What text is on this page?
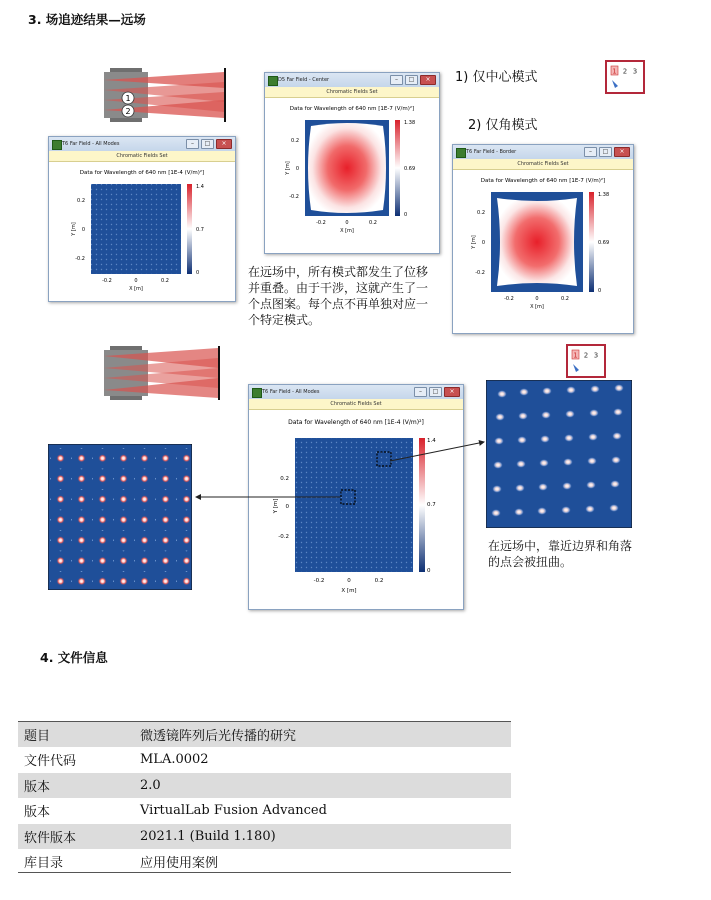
3. 场追迹结果—远场
1
2
T6 Far Field - All Modes	–	□	×
Chromatic Fields Set
Data for Wavelength of 640 nm [1E-4 (V/m)²]
1.4
0.7
0
-0.2	0	0.2
X [m]
0.2
0
-0.2
Y [m]
D5 Far Field - Center	–	□	×
Chromatic Fields Set
Data for Wavelength of 640 nm [1E-7 (V/m)²]
1.38
0.69
0
-0.2	0	0.2
X [m]
0.2
0
-0.2
Y [m]
1) 仅中心模式
2) 仅角模式
1 2 3
T6 Far Field - Border	–	□	×
Chromatic Fields Set
Data for Wavelength of 640 nm [1E-7 (V/m)²]
1.38
0.69
0
-0.2	0	0.2
X [m]
0.2
0
-0.2
Y [m]
在远场中，所有模式都发生了位移并重叠。由于干涉，这就产生了一个点图案。每个点不再单独对应一个特定模式。
1 2 3
T6 Far Field - All Modes	–	□	×
Chromatic Fields Set
Data for Wavelength of 640 nm [1E-4 (V/m)²]
1.4
0.7
0
-0.2	0	0.2
X [m]
0.2
0
-0.2
Y [m]
在远场中，靠近边界和角落的点会被扭曲。
4. 文件信息
题目	微透镜阵列后光传播的研究
文件代码	MLA.0002
版本	2.0
版本	VirtualLab Fusion Advanced
软件版本	2021.1 (Build 1.180)
库目录	应用使用案例
